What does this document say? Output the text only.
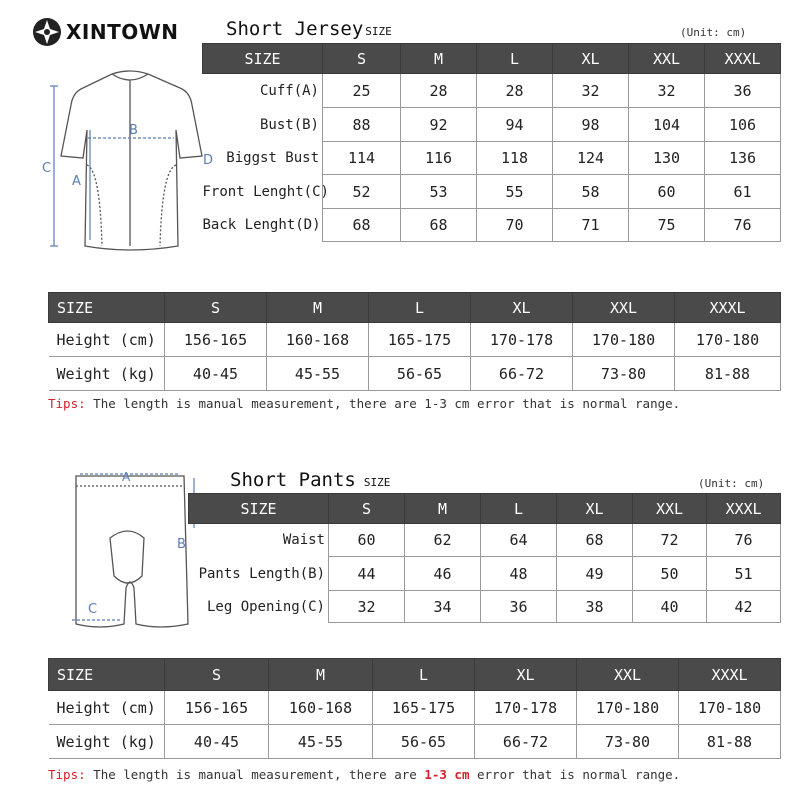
XINTOWN Short Jersey SIZE	(Unit: cm)
A
B
C
D
SIZE	S	M	L	XL	XXL	XXXL
Cuff(A)	25	28	28	32	32	36
Bust(B)	88	92	94	98	104	106
Biggst Bust	114	116	118	124	130	136
Front Lenght(C)	52	53	55	58	60	61
Back Lenght(D)	68	68	70	71	75	76
SIZE	S	M	L	XL	XXL	XXXL
Height (cm)	156-165	160-168	165-175	170-178	170-180	170-180
Weight (kg)	40-45	45-55	56-65	66-72	73-80	81-88
Tips: The length is manual measurement, there are 1-3 cm error that is normal range.
Short Pants SIZE	(Unit: cm)
A
B
C
SIZE	S	M	L	XL	XXL	XXXL
Waist	60	62	64	68	72	76
Pants Length(B)	44	46	48	49	50	51
Leg Opening(C)	32	34	36	38	40	42
SIZE	S	M	L	XL	XXL	XXXL
Height (cm)	156-165	160-168	165-175	170-178	170-180	170-180
Weight (kg)	40-45	45-55	56-65	66-72	73-80	81-88
Tips: The length is manual measurement, there are 1-3 cm error that is normal range.
